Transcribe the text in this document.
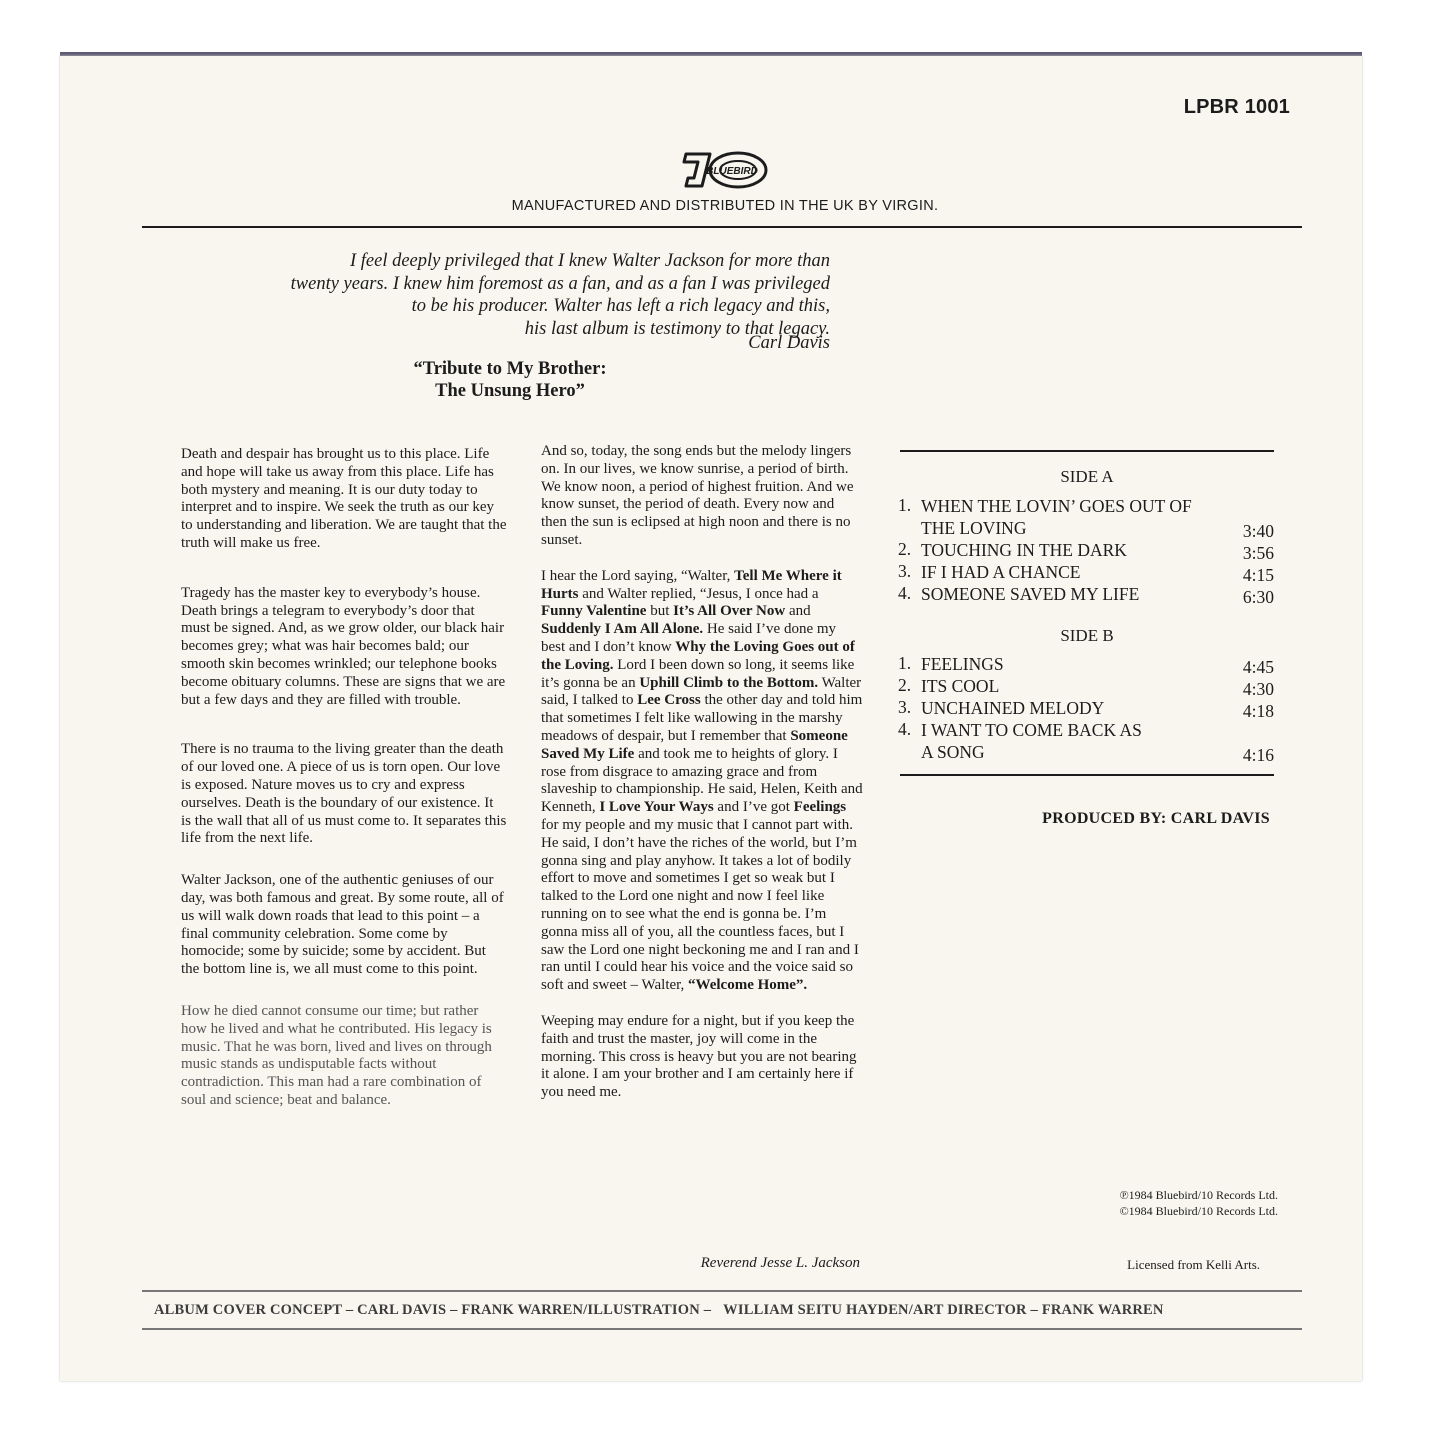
LPBR 1001
BLUEBIRD
MANUFACTURED AND DISTRIBUTED IN THE UK BY VIRGIN.
I feel deeply privileged that I knew Walter Jackson for more than
twenty years. I knew him foremost as a fan, and as a fan I was privileged
to be his producer. Walter has left a rich legacy and this,
his last album is testimony to that legacy.
Carl Davis
“Tribute to My Brother:
The Unsung Hero”

Death and despair has brought us to this place. Life and hope will take us away from this place. Life has both mystery and meaning. It is our duty today to interpret and to inspire. We seek the truth as our key to understanding and liberation. We are taught that the truth will make us free.

Tragedy has the master key to everybody’s house. Death brings a telegram to everybody’s door that must be signed. And, as we grow older, our black hair becomes grey; what was hair becomes bald; our smooth skin becomes wrinkled; our telephone books become obituary columns. These are signs that we are but a few days and they are filled with trouble.

There is no trauma to the living greater than the death of our loved one. A piece of us is torn open. Our love is exposed. Nature moves us to cry and express ourselves. Death is the boundary of our existence. It is the wall that all of us must come to. It separates this life from the next life.

Walter Jackson, one of the authentic geniuses of our day, was both famous and great. By some route, all of us will walk down roads that lead to this point – a final community celebration. Some come by homocide; some by suicide; some by accident. But the bottom line is, we all must come to this point.

How he died cannot consume our time; but rather how he lived and what he contributed. His legacy is music. That he was born, lived and lives on through music stands as undisputable facts without contradiction. This man had a rare combination of soul and science; beat and balance.

And so, today, the song ends but the melody lingers on. In our lives, we know sunrise, a period of birth. We know noon, a period of highest fruition. And we know sunset, the period of death. Every now and then the sun is eclipsed at high noon and there is no sunset.

I hear the Lord saying, “Walter, Tell Me Where it Hurts and Walter replied, “Jesus, I once had a Funny Valentine but It’s All Over Now and Suddenly I Am All Alone. He said I’ve done my best and I don’t know Why the Loving Goes out of the Loving. Lord I been down so long, it seems like it’s gonna be an Uphill Climb to the Bottom. Walter said, I talked to Lee Cross the other day and told him that sometimes I felt like wallowing in the marshy meadows of despair, but I remember that Someone Saved My Life and took me to heights of glory. I rose from disgrace to amazing grace and from slaveship to championship. He said, Helen, Keith and Kenneth, I Love Your Ways and I’ve got Feelings for my people and my music that I cannot part with. He said, I don’t have the riches of the world, but I’m gonna sing and play anyhow. It takes a lot of bodily effort to move and sometimes I get so weak but I talked to the Lord one night and now I feel like running on to see what the end is gonna be. I’m gonna miss all of you, all the countless faces, but I saw the Lord one night beckoning me and I ran and I ran until I could hear his voice and the voice said so soft and sweet – Walter, “Welcome Home”.

Weeping may endure for a night, but if you keep the faith and trust the master, joy will come in the morning. This cross is heavy but you are not bearing it alone. I am your brother and I am certainly here if you need me.

Reverend Jesse L. Jackson
SIDE A
1. WHEN THE LOVIN’ GOES OUT OF
THE LOVING	3:40
2. TOUCHING IN THE DARK	3:56
3. IF I HAD A CHANCE	4:15
4. SOMEONE SAVED MY LIFE	6:30
SIDE B
1. FEELINGS	4:45
2. ITS COOL	4:30
3. UNCHAINED MELODY	4:18
4. I WANT TO COME BACK AS
A SONG	4:16
PRODUCED BY: CARL DAVIS
℗1984 Bluebird/10 Records Ltd.
©1984 Bluebird/10 Records Ltd.
Licensed from Kelli Arts.
ALBUM COVER CONCEPT – CARL DAVIS – FRANK WARREN/ILLUSTRATION – WILLIAM SEITU HAYDEN/ART DIRECTOR – FRANK WARREN
